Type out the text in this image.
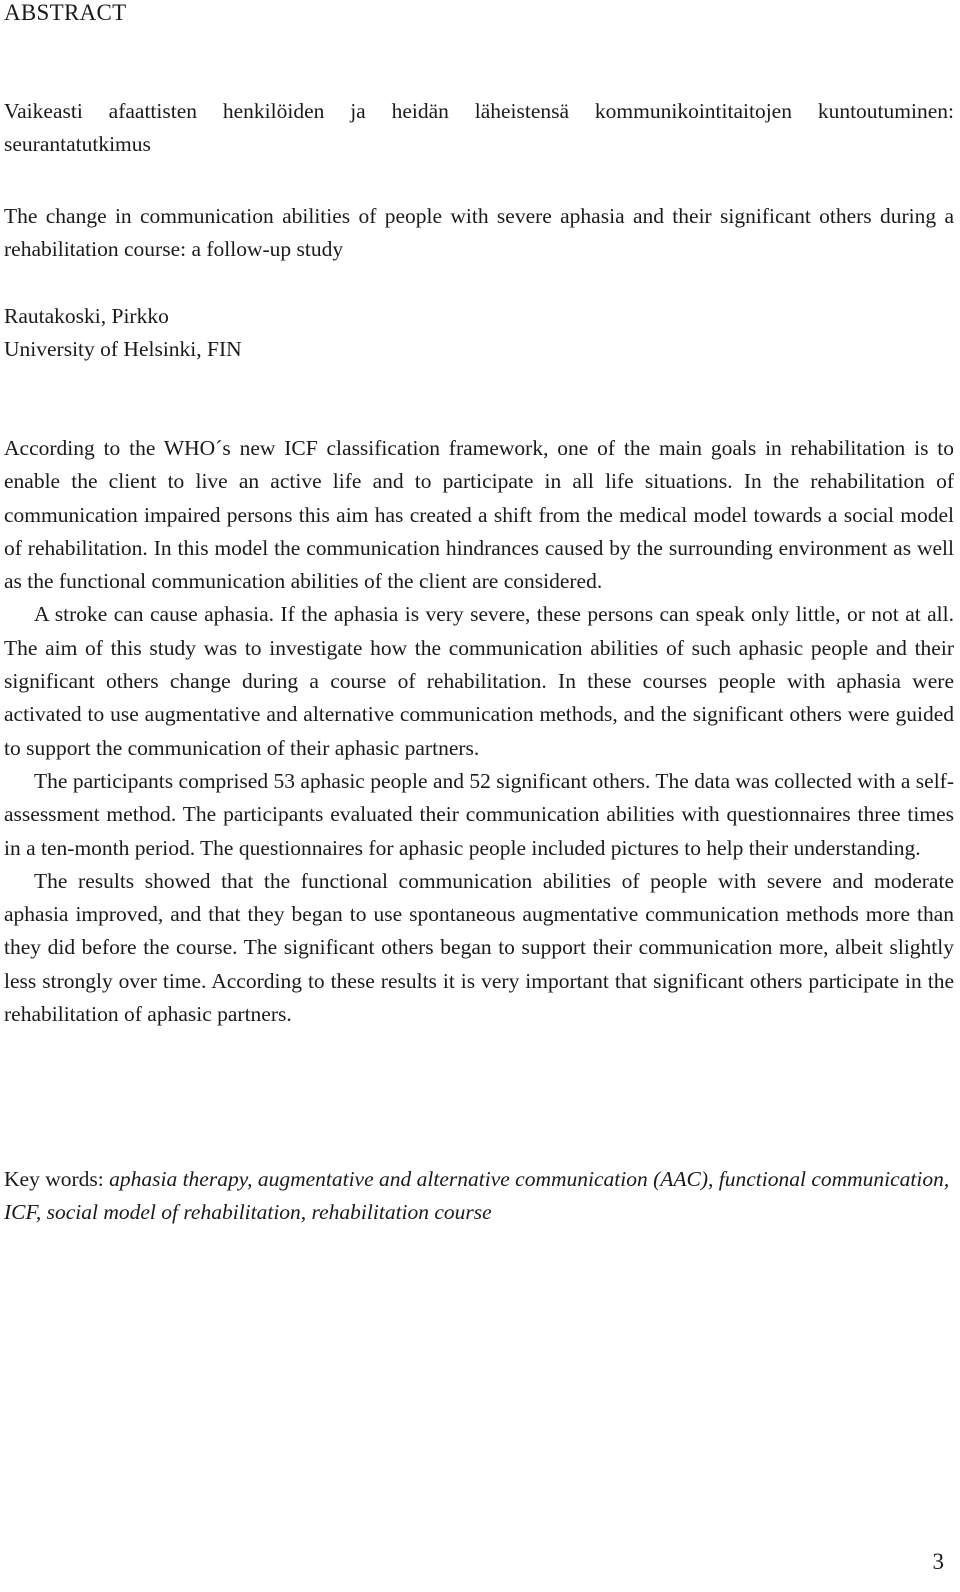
ABSTRACT
Vaikeasti afaattisten henkilöiden ja heidän läheistensä kommunikointitaitojen kuntoutuminen: seurantatutkimus
The change in communication abilities of people with severe aphasia and their significant others during a rehabilitation course: a follow-up study
Rautakoski, Pirkko
University of Helsinki, FIN

According to the WHO´s new ICF classification framework, one of the main goals in rehabilitation is to enable the client to live an active life and to participate in all life situations. In the rehabilitation of communication impaired persons this aim has created a shift from the medical model towards a social model of rehabilitation. In this model the communication hindrances caused by the surrounding environment as well as the functional communication abilities of the client are considered.

A stroke can cause aphasia. If the aphasia is very severe, these persons can speak only little, or not at all. The aim of this study was to investigate how the communication abilities of such aphasic people and their significant others change during a course of rehabilitation. In these courses people with aphasia were activated to use augmentative and alternative communication methods, and the significant others were guided to support the communication of their aphasic partners.

The participants comprised 53 aphasic people and 52 significant others. The data was collected with a self-assessment method. The participants evaluated their communication abilities with questionnaires three times in a ten-month period. The questionnaires for aphasic people included pictures to help their understanding.

The results showed that the functional communication abilities of people with severe and moderate aphasia improved, and that they began to use spontaneous augmentative communication methods more than they did before the course. The significant others began to support their communication more, albeit slightly less strongly over time. According to these results it is very important that significant others participate in the rehabilitation of aphasic partners.

Key words: aphasia therapy, augmentative and alternative communication (AAC), functional communication, ICF, social model of rehabilitation, rehabilitation course
3
